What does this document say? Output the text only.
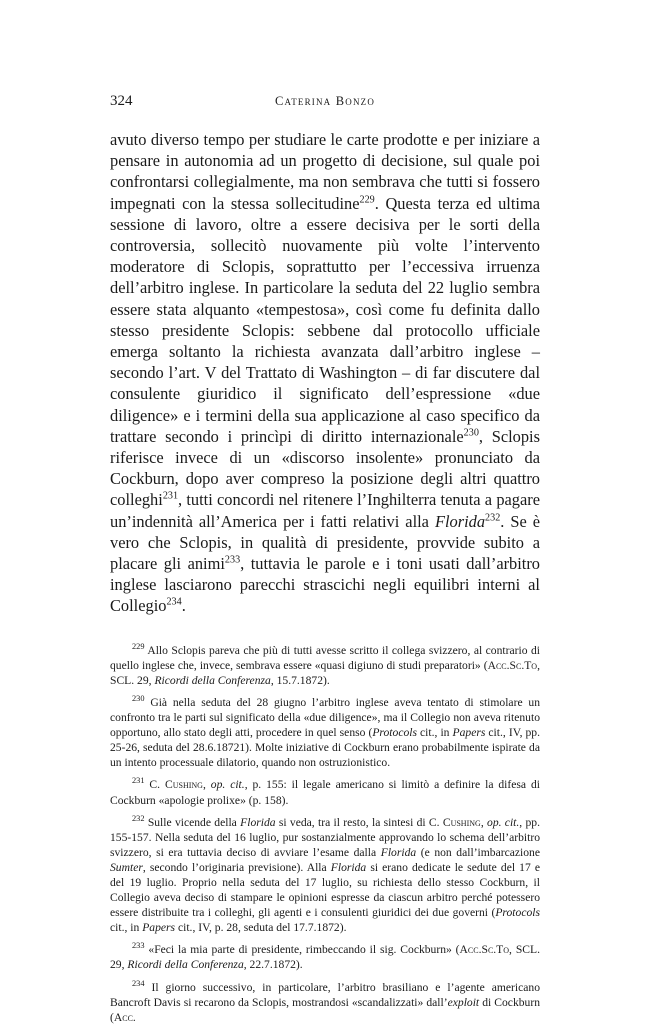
324	Caterina Bonzo
avuto diverso tempo per studiare le carte prodotte e per iniziare a pensare in autonomia ad un progetto di decisione, sul quale poi confrontarsi collegialmente, ma non sembrava che tutti si fossero impegnati con la stessa sollecitudine$^{229}$. Questa terza ed ultima sessione di lavoro, oltre a essere decisiva per le sorti della controversia, sollecitò nuovamente più volte l’intervento moderatore di Sclopis, soprattutto per l’eccessiva irruenza dell’arbitro inglese. In particolare la seduta del 22 luglio sembra essere stata alquanto «tempestosa», così come fu definita dallo stesso presidente Sclopis: sebbene dal protocollo ufficiale emerga soltanto la richiesta avanzata dall’arbitro inglese – secondo l’art. V del Trattato di Washington – di far discutere dal consulente giuridico il significato dell’espressione «due diligence» e i termini della sua applicazione al caso specifico da trattare secondo i princìpi di diritto internazionale$^{230}$, Sclopis riferisce invece di un «discorso insolente» pronunciato da Cockburn, dopo aver compreso la posizione degli altri quattro colleghi$^{231}$, tutti concordi nel ritenere l’Inghilterra tenuta a pagare un’indennità all’America per i fatti relativi alla Florida$^{232}$. Se è vero che Sclopis, in qualità di presidente, provvide subito a placare gli animi$^{233}$, tuttavia le parole e i toni usati dall’arbitro inglese lasciarono parecchi strascichi negli equilibri interni al Collegio$^{234}$.

$^{229}$ Allo Sclopis pareva che più di tutti avesse scritto il collega svizzero, al contrario di quello inglese che, invece, sembrava essere «quasi digiuno di studi preparatori» (Acc.Sc.To, SCL. 29, Ricordi della Conferenza, 15.7.1872).

$^{230}$ Già nella seduta del 28 giugno l’arbitro inglese aveva tentato di stimolare un confronto tra le parti sul significato della «due diligence», ma il Collegio non aveva ritenuto opportuno, allo stato degli atti, procedere in quel senso (Protocols cit., in Papers cit., IV, pp. 25-26, seduta del 28.6.18721). Molte iniziative di Cockburn erano probabilmente ispirate da un intento processuale dilatorio, quando non ostruzionistico.

$^{231}$ C. Cushing, op. cit., p. 155: il legale americano si limitò a definire la difesa di Cockburn «apologie prolixe» (p. 158).

$^{232}$ Sulle vicende della Florida si veda, tra il resto, la sintesi di C. Cushing, op. cit., pp. 155-157. Nella seduta del 16 luglio, pur sostanzialmente approvando lo schema dell’arbitro svizzero, si era tuttavia deciso di avviare l’esame dalla Florida (e non dall’imbarcazione Sumter, secondo l’originaria previsione). Alla Florida si erano dedicate le sedute del 17 e del 19 luglio. Proprio nella seduta del 17 luglio, su richiesta dello stesso Cockburn, il Collegio aveva deciso di stampare le opinioni espresse da ciascun arbitro perché potessero essere distribuite tra i colleghi, gli agenti e i consulenti giuridici dei due governi (Protocols cit., in Papers cit., IV, p. 28, seduta del 17.7.1872).

$^{233}$ «Feci la mia parte di presidente, rimbeccando il sig. Cockburn» (Acc.Sc.To, SCL. 29, Ricordi della Conferenza, 22.7.1872).

$^{234}$ Il giorno successivo, in particolare, l’arbitro brasiliano e l’agente americano Bancroft Davis si recarono da Sclopis, mostrandosi «scandalizzati» dall’exploit di Cockburn (Acc.
